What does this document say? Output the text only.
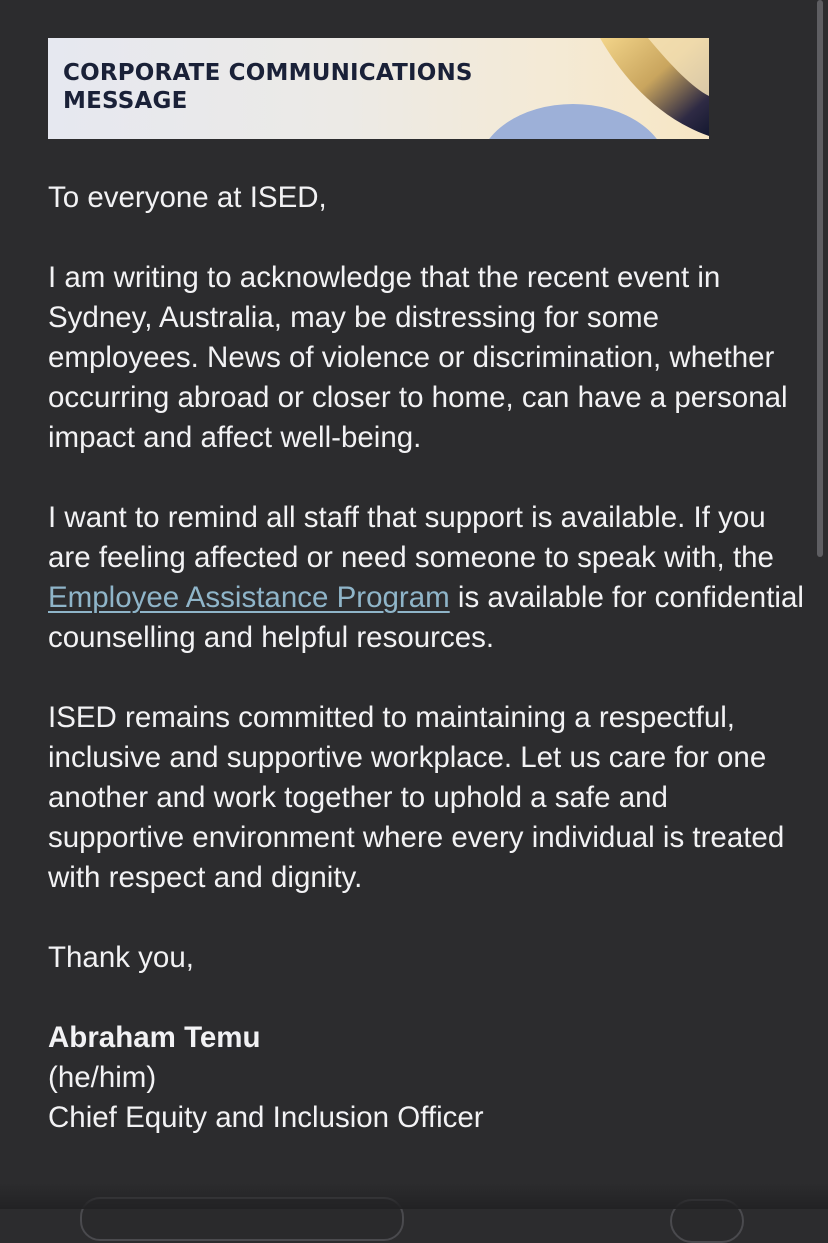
CORPORATE COMMUNICATIONS
MESSAGE

To everyone at ISED,

I am writing to acknowledge that the recent event in Sydney, Australia, may be distressing for some employees. News of violence or discrimination, whether occurring abroad or closer to home, can have a personal impact and affect well-being.

I want to remind all staff that support is available. If you are feeling affected or need someone to speak with, the Employee Assistance Program is available for confidential counselling and helpful resources.

ISED remains committed to maintaining a respectful, inclusive and supportive workplace. Let us care for one another and work together to uphold a safe and supportive environment where every individual is treated with respect and dignity.

Thank you,

Abraham Temu
(he/him)
Chief Equity and Inclusion Officer
